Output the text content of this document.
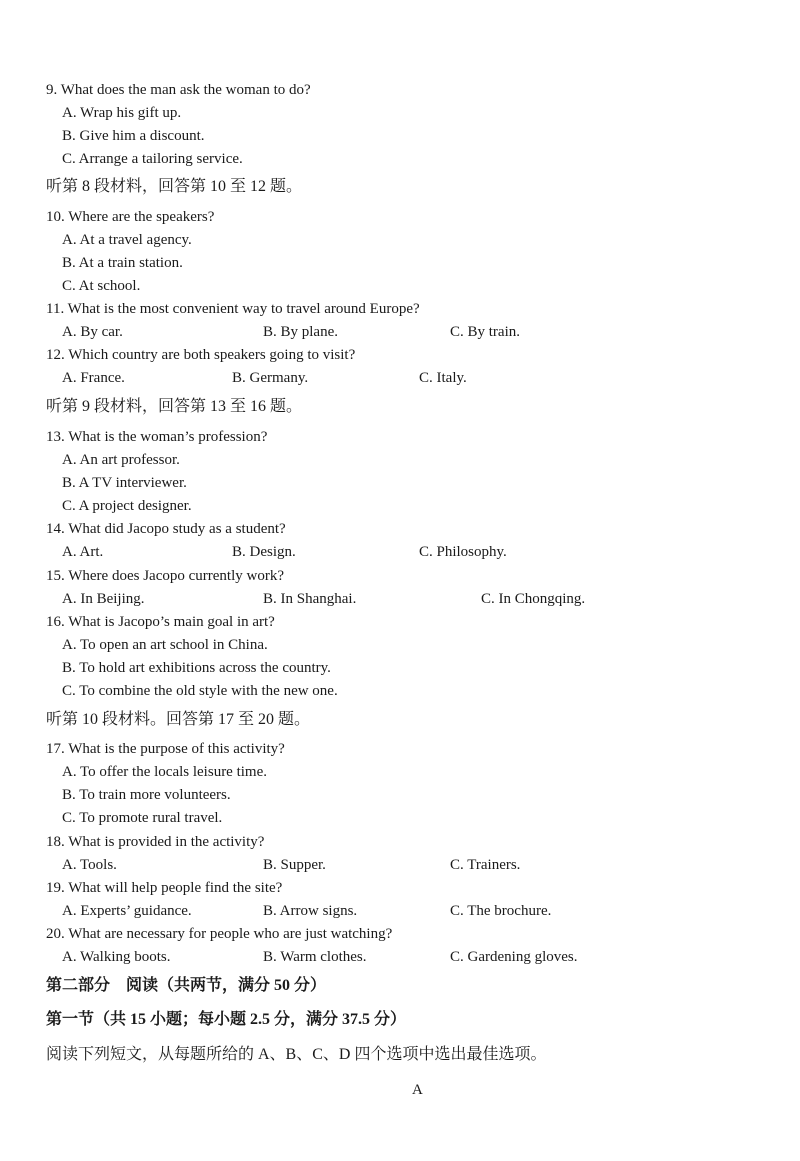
9. What does the man ask the woman to do?
A. Wrap his gift up.
B. Give him a discount.
C. Arrange a tailoring service.
听第 8 段材料，回答第 10 至 12 题。
10. Where are the speakers?
A. At a travel agency.
B. At a train station.
C. At school.
11. What is the most convenient way to travel around Europe?
A. By car.	B. By plane.	C. By train.
12. Which country are both speakers going to visit?
A. France.	B. Germany.	C. Italy.
听第 9 段材料，回答第 13 至 16 题。
13. What is the woman’s profession?
A. An art professor.
B. A TV interviewer.
C. A project designer.
14. What did Jacopo study as a student?
A. Art.	B. Design.	C. Philosophy.
15. Where does Jacopo currently work?
A. In Beijing.	B. In Shanghai.	C. In Chongqing.
16. What is Jacopo’s main goal in art?
A. To open an art school in China.
B. To hold art exhibitions across the country.
C. To combine the old style with the new one.
听第 10 段材料。回答第 17 至 20 题。
17. What is the purpose of this activity?
A. To offer the locals leisure time.
B. To train more volunteers.
C. To promote rural travel.
18. What is provided in the activity?
A. Tools.	B. Supper.	C. Trainers.
19. What will help people find the site?
A. Experts’ guidance.	B. Arrow signs.	C. The brochure.
20. What are necessary for people who are just watching?
A. Walking boots.	B. Warm clothes.	C. Gardening gloves.
第二部分　阅读（共两节，满分 50 分）
第一节（共 15 小题；每小题 2.5 分，满分 37.5 分）
阅读下列短文，从每题所给的 A、B、C、D 四个选项中选出最佳选项。
A
